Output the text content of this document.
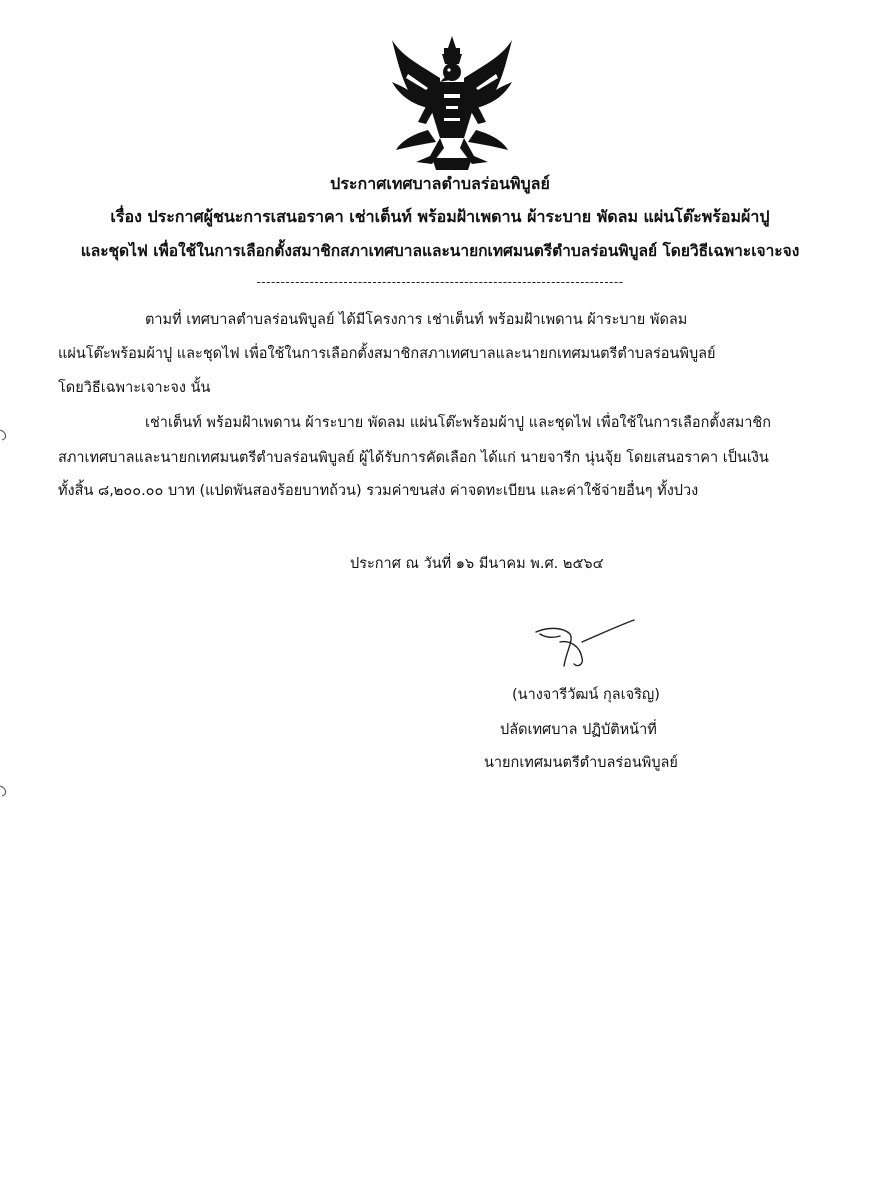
ประกาศเทศบาลตำบลร่อนพิบูลย์
เรื่อง ประกาศผู้ชนะการเสนอราคา เช่าเต็นท์ พร้อมฝ้าเพดาน ผ้าระบาย พัดลม แผ่นโต๊ะพร้อมผ้าปู
และชุดไฟ เพื่อใช้ในการเลือกตั้งสมาชิกสภาเทศบาลและนายกเทศมนตรีตำบลร่อนพิบูลย์ โดยวิธีเฉพาะเจาะจง
----------------------------------------------------------------------------
ตามที่ เทศบาลตำบลร่อนพิบูลย์ ได้มีโครงการ เช่าเต็นท์ พร้อมฝ้าเพดาน ผ้าระบาย พัดลม
แผ่นโต๊ะพร้อมผ้าปู และชุดไฟ เพื่อใช้ในการเลือกตั้งสมาชิกสภาเทศบาลและนายกเทศมนตรีตำบลร่อนพิบูลย์
โดยวิธีเฉพาะเจาะจง นั้น
เช่าเต็นท์ พร้อมฝ้าเพดาน ผ้าระบาย พัดลม แผ่นโต๊ะพร้อมผ้าปู และชุดไฟ เพื่อใช้ในการเลือกตั้งสมาชิก
สภาเทศบาลและนายกเทศมนตรีตำบลร่อนพิบูลย์ ผู้ได้รับการคัดเลือก ได้แก่ นายจารีก นุ่นจุ้ย โดยเสนอราคา เป็นเงิน
ทั้งสิ้น ๘,๒๐๐.๐๐ บาท (แปดพันสองร้อยบาทถ้วน) รวมค่าขนส่ง ค่าจดทะเบียน และค่าใช้จ่ายอื่นๆ ทั้งปวง
ประกาศ ณ วันที่ ๑๖ มีนาคม พ.ศ. ๒๕๖๔
(นางจารีวัฒน์ กุลเจริญ)
ปลัดเทศบาล ปฏิบัติหน้าที่
นายกเทศมนตรีตำบลร่อนพิบูลย์
